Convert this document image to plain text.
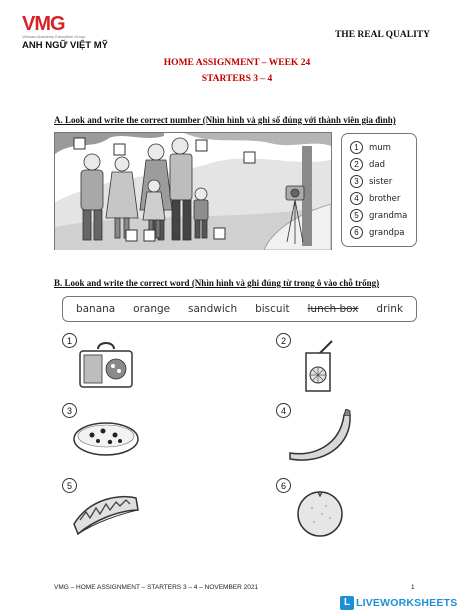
VMG
Vietnam Academy Education Group
ANH NGỮ VIỆT MỸ
THE REAL QUALITY
HOME ASSIGNMENT – WEEK 24
STARTERS 3 – 4
A. Look and write the correct number (Nhìn hình và ghi số đúng với thành viên gia đình)
1	mum
2	dad
3	sister
4	brother
5	grandma
6	grandpa
B. Look and write the correct word (Nhìn hình và ghi đúng từ trong ô vào chỗ trống)
banana orange sandwich biscuit lunch box drink
1	2
3	4
5	6
VMG – HOME ASSIGNMENT – STARTERS 3 – 4 – NOVEMBER 2021	1
L LIVEWORKSHEETS
